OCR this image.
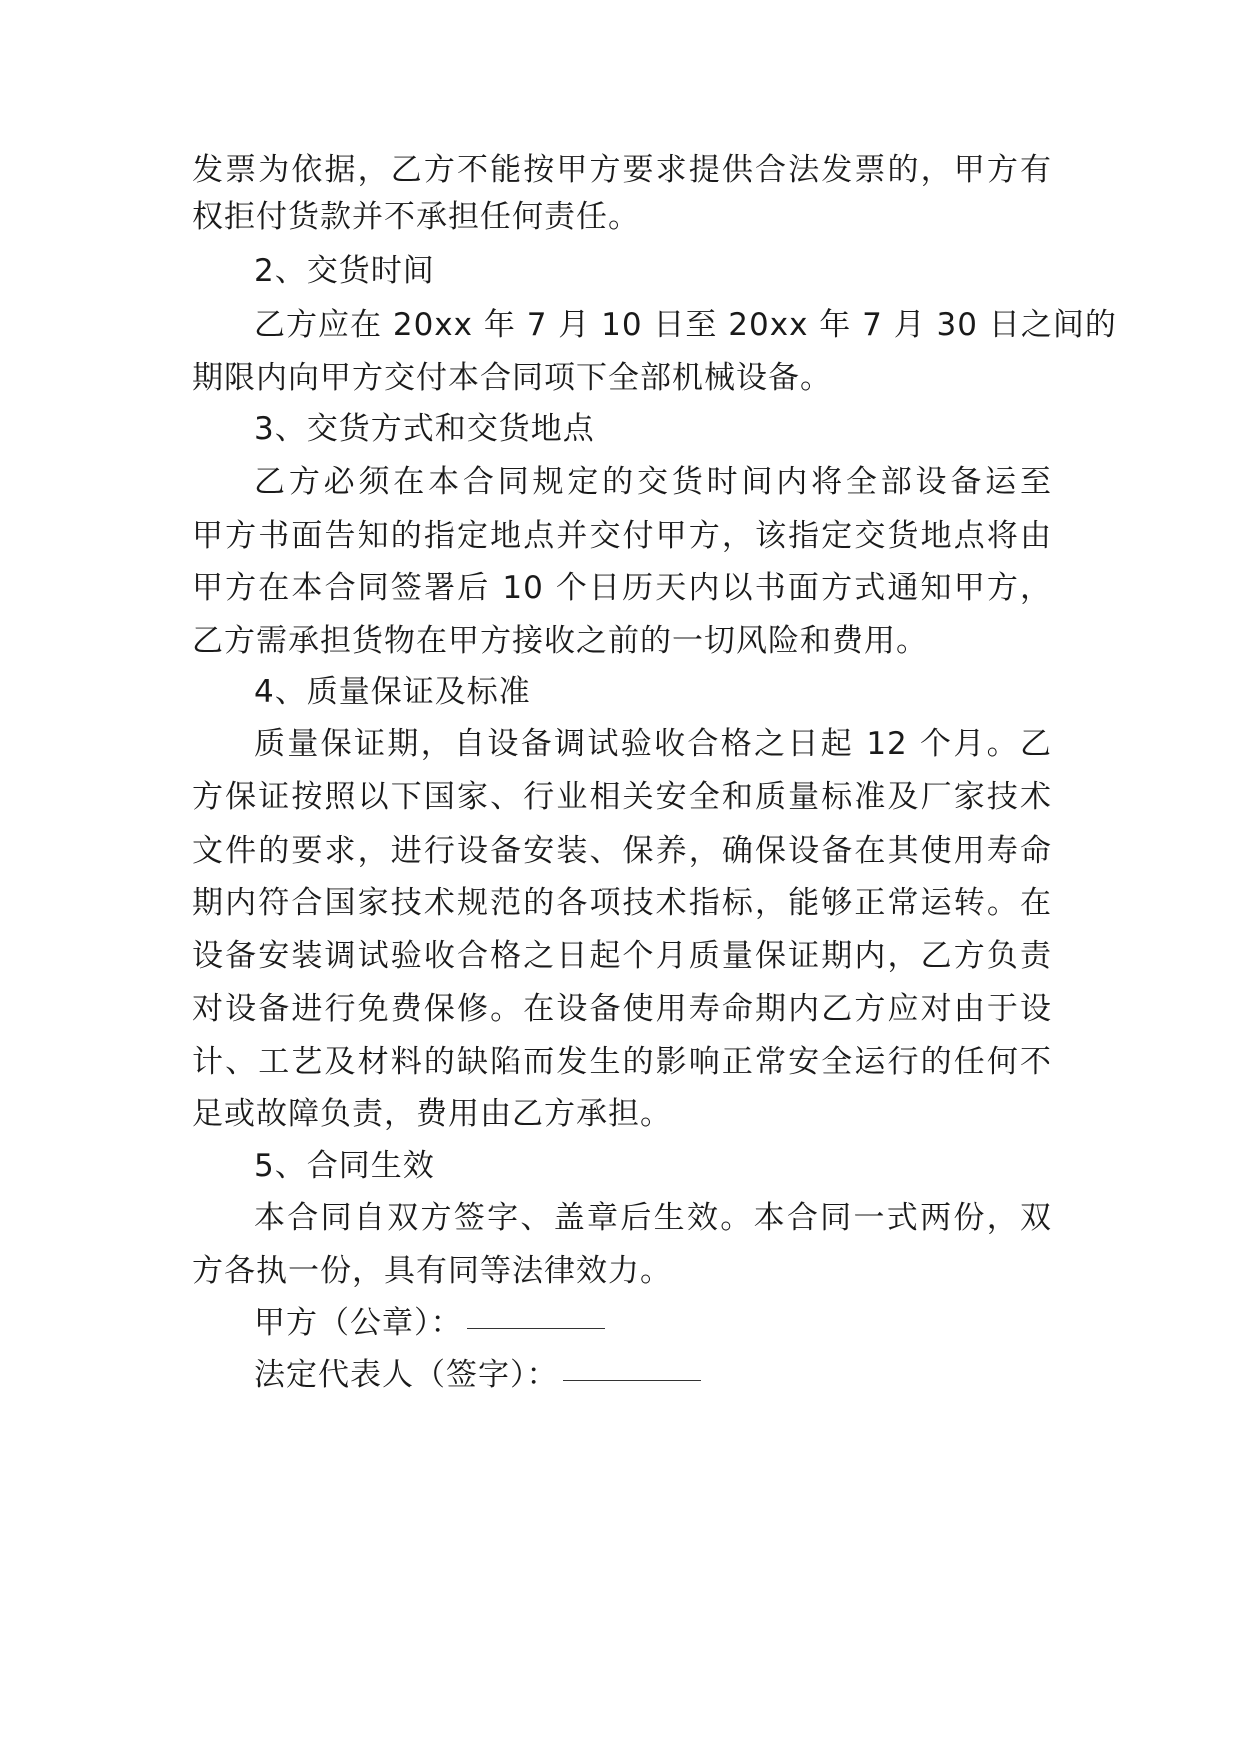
发票为依据，乙方不能按甲方要求提供合法发票的，甲方有
权拒付货款并不承担任何责任。
2、交货时间
乙方应在 20xx 年 7 月 10 日至 20xx 年 7 月 30 日之间的
期限内向甲方交付本合同项下全部机械设备。
3、交货方式和交货地点
乙方必须在本合同规定的交货时间内将全部设备运至
甲方书面告知的指定地点并交付甲方，该指定交货地点将由
甲方在本合同签署后 10 个日历天内以书面方式通知甲方，
乙方需承担货物在甲方接收之前的一切风险和费用。
4、质量保证及标准
质量保证期，自设备调试验收合格之日起 12 个月。乙
方保证按照以下国家、行业相关安全和质量标准及厂家技术
文件的要求，进行设备安装、保养，确保设备在其使用寿命
期内符合国家技术规范的各项技术指标，能够正常运转。在
设备安装调试验收合格之日起个月质量保证期内，乙方负责
对设备进行免费保修。在设备使用寿命期内乙方应对由于设
计、工艺及材料的缺陷而发生的影响正常安全运行的任何不
足或故障负责，费用由乙方承担。
5、合同生效
本合同自双方签字、盖章后生效。本合同一式两份，双
方各执一份，具有同等法律效力。
甲方（公章）：
法定代表人（签字）：
